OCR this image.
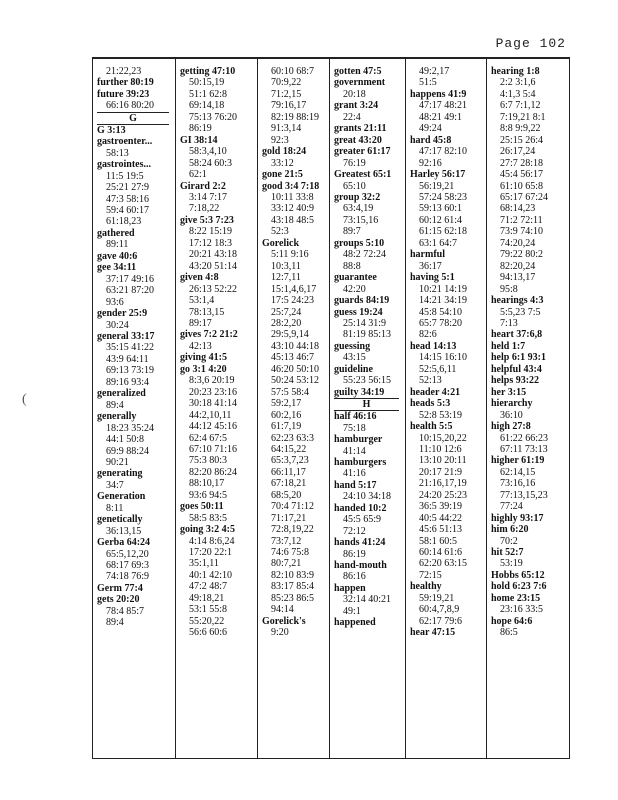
Page 102
(
21:22,23
further 80:19
future 39:23
66:16 80:20
G
G 3:13
gastroenter...
58:13
gastrointes...
11:5 19:5
25:21 27:9
47:3 58:16
59:4 60:17
61:18,23
gathered
89:11
gave 40:6
gee 34:11
37:17 49:16
63:21 87:20
93:6
gender 25:9
30:24
general 33:17
35:15 41:22
43:9 64:11
69:13 73:19
89:16 93:4
generalized
89:4
generally
18:23 35:24
44:1 50:8
69:9 88:24
90:21
generating
34:7
Generation
8:11
genetically
36:13,15
Gerba 64:24
65:5,12,20
68:17 69:3
74:18 76:9
Germ 77:4
gets 20:20
78:4 85:7
89:4
getting 47:10
50:15,19
51:1 62:8
69:14,18
75:13 76:20
86:19
GI 38:14
58:3,4,10
58:24 60:3
62:1
Girard 2:2
3:14 7:17
7:18,22
give 5:3 7:23
8:22 15:19
17:12 18:3
20:21 43:18
43:20 51:14
given 4:8
26:13 52:22
53:1,4
78:13,15
89:17
gives 7:2 21:2
42:13
giving 41:5
go 3:1 4:20
8:3,6 20:19
20:23 23:16
30:18 41:14
44:2,10,11
44:12 45:16
62:4 67:5
67:10 71:16
75:3 80:3
82:20 86:24
88:10,17
93:6 94:5
goes 50:11
58:5 83:5
going 3:2 4:5
4:14 8:6,24
17:20 22:1
35:1,11
40:1 42:10
47:2 48:7
49:18,21
53:1 55:8
55:20,22
56:6 60:6
60:10 68:7
70:9,22
71:2,15
79:16,17
82:19 88:19
91:3,14
92:3
gold 18:24
33:12
gone 21:5
good 3:4 7:18
10:11 33:8
33:12 40:9
43:18 48:5
52:3
Gorelick
5:11 9:16
10:3,11
12:7,11
15:1,4,6,17
17:5 24:23
25:7,24
28:2,20
29:5,9,14
43:10 44:18
45:13 46:7
46:20 50:10
50:24 53:12
57:5 58:4
59:2,17
60:2,16
61:7,19
62:23 63:3
64:15,22
65:3,7,23
66:11,17
67:18,21
68:5,20
70:4 71:12
71:17,21
72:8,19,22
73:7,12
74:6 75:8
80:7,21
82:10 83:9
83:17 85:4
85:23 86:5
94:14
Gorelick's
9:20
gotten 47:5
government
20:18
grant 3:24
22:4
grants 21:11
great 43:20
greater 61:17
76:19
Greatest 65:1
65:10
group 32:2
63:4,19
73:15,16
89:7
groups 5:10
48:2 72:24
88:8
guarantee
42:20
guards 84:19
guess 19:24
25:14 31:9
81:19 85:13
guessing
43:15
guideline
55:23 56:15
guilty 34:19
H
half 46:16
75:18
hamburger
41:14
hamburgers
41:16
hand 5:17
24:10 34:18
handed 10:2
45:5 65:9
72:12
hands 41:24
86:19
hand-mouth
86:16
happen
32:14 40:21
49:1
happened
49:2,17
51:5
happens 41:9
47:17 48:21
48:21 49:1
49:24
hard 45:8
47:17 82:10
92:16
Harley 56:17
56:19,21
57:24 58:23
59:13 60:1
60:12 61:4
61:15 62:18
63:1 64:7
harmful
36:17
having 5:1
10:21 14:19
14:21 34:19
45:8 54:10
65:7 78:20
82:6
head 14:13
14:15 16:10
52:5,6,11
52:13
header 4:21
heads 5:3
52:8 53:19
health 5:5
10:15,20,22
11:10 12:6
13:10 20:11
20:17 21:9
21:16,17,19
24:20 25:23
36:5 39:19
40:5 44:22
45:6 51:13
58:1 60:5
60:14 61:6
62:20 63:15
72:15
healthy
59:19,21
60:4,7,8,9
62:17 79:6
hear 47:15
hearing 1:8
2:2 3:1,6
4:1,3 5:4
6:7 7:1,12
7:19,21 8:1
8:8 9:9,22
25:15 26:4
26:17,24
27:7 28:18
45:4 56:17
61:10 65:8
65:17 67:24
68:14,23
71:2 72:11
73:9 74:10
74:20,24
79:22 80:2
82:20,24
94:13,17
95:8
hearings 4:3
5:5,23 7:5
7:13
heart 37:6,8
held 1:7
help 6:1 93:1
helpful 43:4
helps 93:22
her 3:15
hierarchy
36:10
high 27:8
61:22 66:23
67:11 73:13
higher 61:19
62:14,15
73:16,16
77:13,15,23
77:24
highly 93:17
him 6:20
70:2
hit 52:7
53:19
Hobbs 65:12
hold 6:23 7:6
home 23:15
23:16 33:5
hope 64:6
86:5
